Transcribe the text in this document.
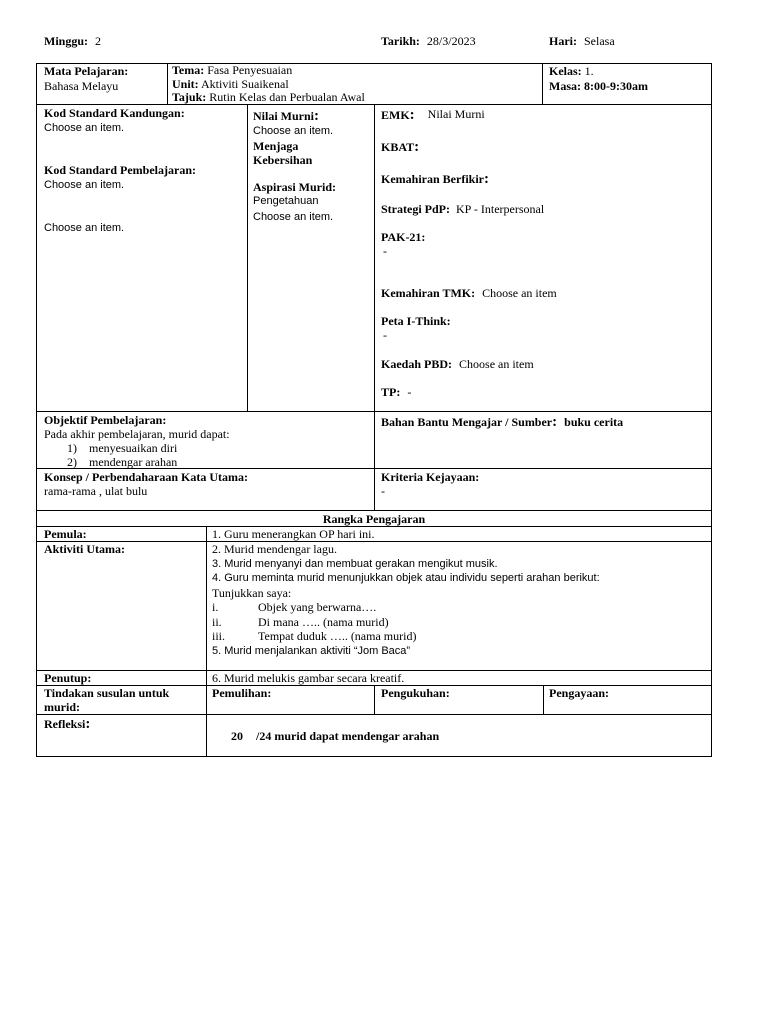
Minggu: 2	Tarikh: 28/3/2023	Hari: Selasa
Mata Pelajaran:
Bahasa Melayu
Tema: Fasa Penyesuaian
Unit: Aktiviti Suaikenal
Tajuk: Rutin Kelas dan Perbualan Awal
Kelas: 1.
Masa: 8:00-9:30am
Kod Standard Kandungan:
Choose an item.
Kod Standard Pembelajaran:
Choose an item.
Choose an item.
Nilai Murni:
Choose an item.
Menjaga
Kebersihan
Aspirasi Murid:
Pengetahuan
Choose an item.
EMK: Nilai Murni
KBAT:
Kemahiran Berfikir:
Strategi PdP: KP - Interpersonal
PAK-21:
-
Kemahiran TMK: Choose an item
Peta I-Think:
-
Kaedah PBD: Choose an item
TP: -
Objektif Pembelajaran:
Pada akhir pembelajaran, murid dapat:
1) menyesuaikan diri
2) mendengar arahan
Bahan Bantu Mengajar / Sumber: buku cerita
Konsep / Perbendaharaan Kata Utama:
rama-rama , ulat bulu
Kriteria Kejayaan:
-
Rangka Pengajaran
Pemula:	1. Guru menerangkan OP hari ini.
Aktiviti Utama:	2. Murid mendengar lagu.
3. Murid menyanyi dan membuat gerakan mengikut musik.
4. Guru meminta murid menunjukkan objek atau individu seperti arahan berikut:
Tunjukkan saya:
i.	Objek yang berwarna….
ii.	Di mana ….. (nama murid)
iii.	Tempat duduk ….. (nama murid)
5. Murid menjalankan aktiviti “Jom Baca”
Penutup:	6. Murid melukis gambar secara kreatif.
Tindakan susulan untuk
murid:
Pemulihan:	Pengukuhan:	Pengayaan:
Refleksi:
20 /24 murid dapat mendengar arahan
